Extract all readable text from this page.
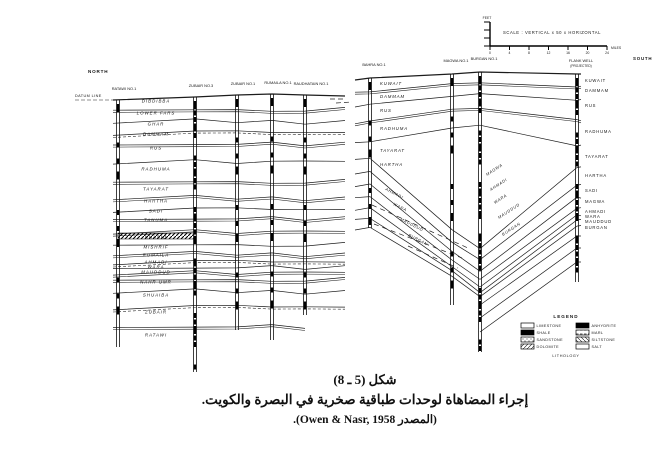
DATUM LINE
DIBDIBBA
LOWER FARS
GHAR
DAMMAM
RUS
RADHUMA
TAYARAT
HARTHA
SADI
TANUMA
MISHRIF
RUMAILA
AHMADI
WARA
MAUDDUD
NAHR UMR
SHUAIBA
ZUBAIR
RATAWI
RATAWI NO.1
ZUBAIR NO.3	ZUBAIR NO.1 RUMAILA NO.1 RAUDHATAIN NO.1
NORTH
KUWAIT
DAMMAM
RUS
RADHUMA
TAYARAT
HARTHA
AHMADI
WARA
MAUDDUD
BURGAN
MAGWA
AHMADI
WARA
MAUDDUD
BURGAN
KUWAIT
DAMMAM
RUS
RADHUMA
TAYARAT
HARTHA
SADI
MAGWA
AHMADI
WARA
MAUDDUD
BURGAN
BAHRA NO.1
MAGWA NO.1 BURGAN NO.1	FLANK WELL
(PROJECTED)
SOUTH
FEET
0	4	8	12	16	20	24
MILES
SCALE : VERTICAL x 50 x HORIZONTAL
LEGEND
LIMESTONE
SHALE
SANDSTONE
DOLOMITE
ANHYDRITE
MARL
SILTSTONE
SALT
LITHOLOGY
شكل (5 ـ 8)
إجراء المضاهاة لوحدات طباقية صخرية في البصرة والكويت.
(المصدر Owen & Nasr, 1958).
